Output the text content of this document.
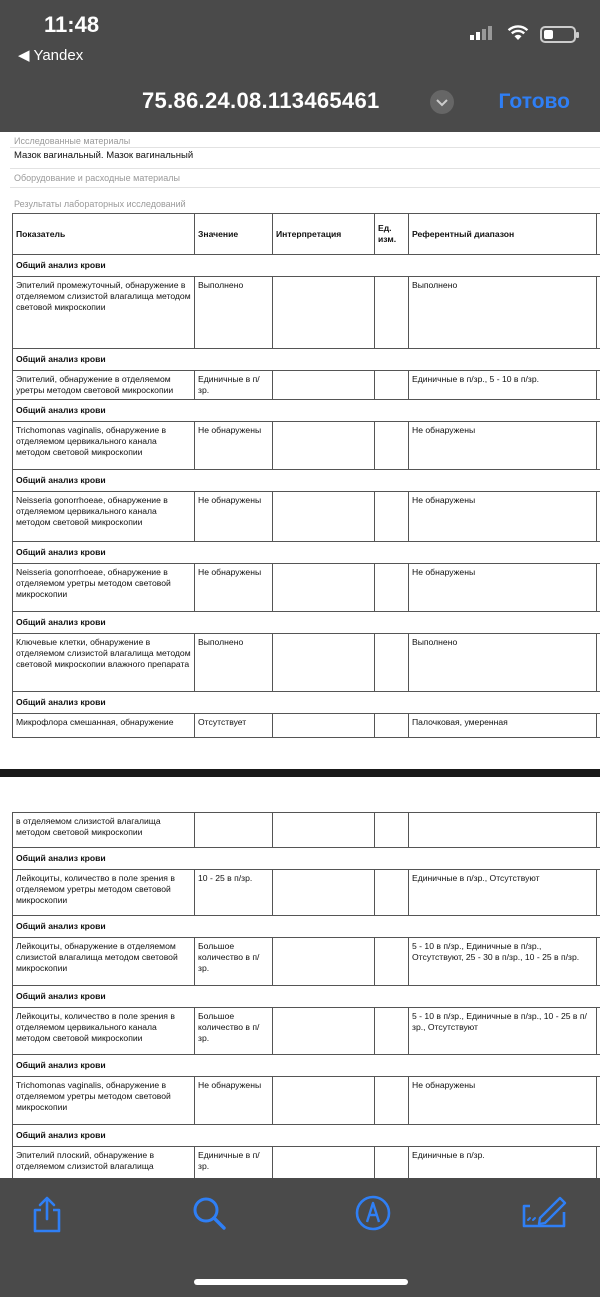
11:48
◀ Yandex
75.86.24.08.113465461	Готово
Исследованные материалы
Мазок вагинальный. Мазок вагинальный
Оборудование и расходные материалы
Результаты лабораторных исследований
Показатель	Значение	Интерпретация	Ед. изм.	Референтный диапазон	
Общий анализ крови					
Эпителий промежуточный, обнаружение в отделяемом слизистой влагалища методом световой микроскопии	Выполнено			Выполнено	
Общий анализ крови					
Эпителий, обнаружение в отделяемом уретры методом световой микроскопии	Единичные в п/зр.			Единичные в п/зр., 5 - 10 в п/зр.	
Общий анализ крови					
Trichomonas vaginalis, обнаружение в отделяемом цервикального канала методом световой микроскопии	Не обнаружены			Не обнаружены	
Общий анализ крови					
Neisseria gonorrhoeae, обнаружение в отделяемом цервикального канала методом световой микроскопии	Не обнаружены			Не обнаружены	
Общий анализ крови					
Neisseria gonorrhoeae, обнаружение в отделяемом уретры методом световой микроскопии	Не обнаружены			Не обнаружены	
Общий анализ крови					
Ключевые клетки, обнаружение в отделяемом слизистой влагалища методом световой микроскопии влажного препарата	Выполнено			Выполнено	
Общий анализ крови					
Микрофлора смешанная, обнаружение	Отсутствует			Палочковая, умеренная	
в отделяемом слизистой влагалища методом световой микроскопии					
Общий анализ крови					
Лейкоциты, количество в поле зрения в отделяемом уретры методом световой микроскопии	10 - 25 в п/зр.			Единичные в п/зр., Отсутствуют	
Общий анализ крови					
Лейкоциты, обнаружение в отделяемом слизистой влагалища методом световой микроскопии	Большое количество в п/зр.			5 - 10 в п/зр., Единичные в п/зр., Отсутствуют, 25 - 30 в п/зр., 10 - 25 в п/зр.	
Общий анализ крови					
Лейкоциты, количество в поле зрения в отделяемом цервикального канала методом световой микроскопии	Большое количество в п/зр.			5 - 10 в п/зр., Единичные в п/зр., 10 - 25 в п/зр., Отсутствуют	
Общий анализ крови					
Trichomonas vaginalis, обнаружение в отделяемом уретры методом световой микроскопии	Не обнаружены			Не обнаружены	
Общий анализ крови					
Эпителий плоский, обнаружение в отделяемом слизистой влагалища	Единичные в п/зр.			Единичные в п/зр.	
